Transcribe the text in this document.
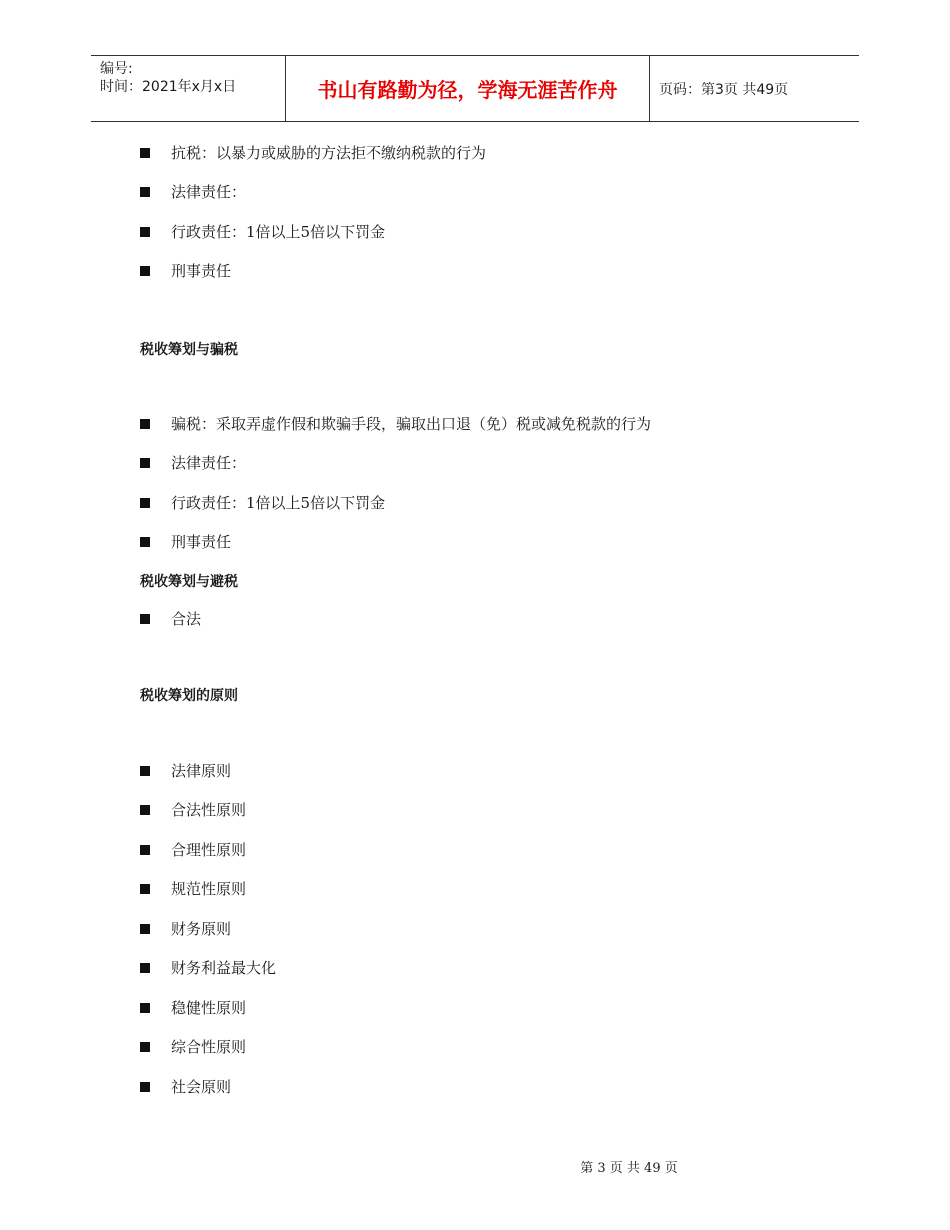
编号:
时间：2021年x月x日	书山有路勤为径，学海无涯苦作舟	页码：第3页 共49页
抗税：以暴力或威胁的方法拒不缴纳税款的行为
法律责任：
行政责任：1倍以上5倍以下罚金
刑事责任
税收筹划与骗税
骗税：采取弄虚作假和欺骗手段，骗取出口退（免）税或减免税款的行为
法律责任：
行政责任：1倍以上5倍以下罚金
刑事责任
税收筹划与避税
合法
税收筹划的原则
法律原则
合法性原则
合理性原则
规范性原则
财务原则
财务利益最大化
稳健性原则
综合性原则
社会原则
第 3 页 共 49 页
